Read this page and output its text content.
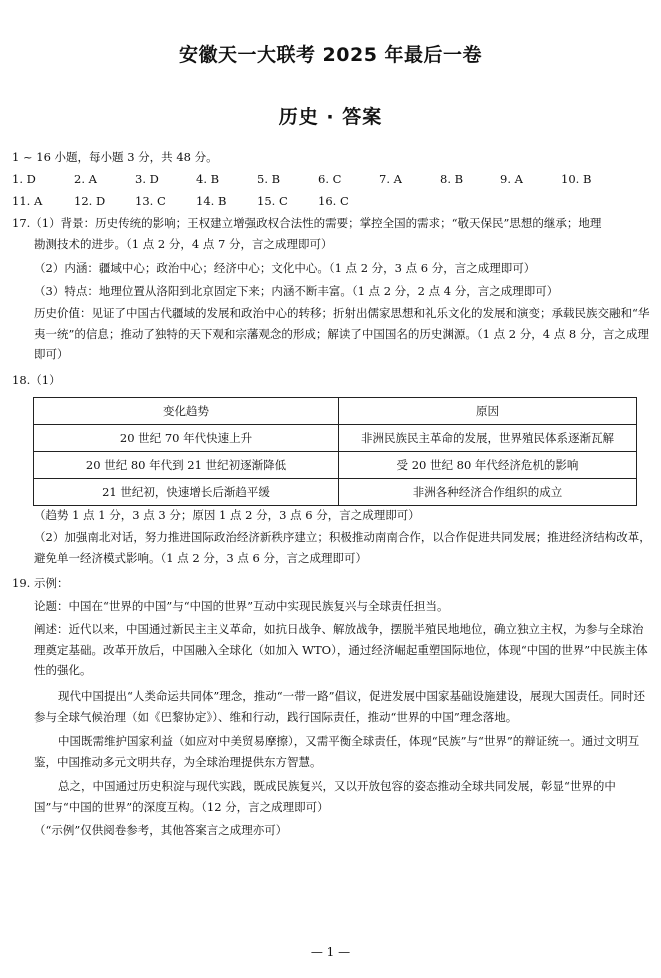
安徽天一大联考 2025 年最后一卷
历史 · 答案
1 ~ 16 小题，每小题 3 分，共 48 分。
1. D	2. A	3. D	4. B	5. B	6. C	7. A	8. B	9. A	10. B
11. A	12. D	13. C	14. B	15. C	16. C
17.（1）背景：历史传统的影响；王权建立增强政权合法性的需要；掌控全国的需求；“敬天保民”思想的继承；地理
勘测技术的进步。（1 点 2 分，4 点 7 分，言之成理即可）
（2）内涵：疆域中心；政治中心；经济中心；文化中心。（1 点 2 分，3 点 6 分，言之成理即可）
（3）特点：地理位置从洛阳到北京固定下来；内涵不断丰富。（1 点 2 分，2 点 4 分，言之成理即可）
历史价值：见证了中国古代疆域的发展和政治中心的转移；折射出儒家思想和礼乐文化的发展和演变；承载民族交融和“华夷一统”的信息；推动了独特的天下观和宗藩观念的形成；解读了中国国名的历史渊源。（1 点 2 分，4 点 8 分，言之成理即可）
18.（1）
变化趋势	原因
20 世纪 70 年代快速上升	非洲民族民主革命的发展，世界殖民体系逐渐瓦解
20 世纪 80 年代到 21 世纪初逐渐降低	受 20 世纪 80 年代经济危机的影响
21 世纪初，快速增长后渐趋平缓	非洲各种经济合作组织的成立
（趋势 1 点 1 分，3 点 3 分；原因 1 点 2 分，3 点 6 分，言之成理即可）
（2）加强南北对话，努力推进国际政治经济新秩序建立；积极推动南南合作，以合作促进共同发展；推进经济结构改革，避免单一经济模式影响。（1 点 2 分，3 点 6 分，言之成理即可）
19. 示例：
论题：中国在“世界的中国”与“中国的世界”互动中实现民族复兴与全球责任担当。
阐述：近代以来，中国通过新民主主义革命，如抗日战争、解放战争，摆脱半殖民地地位，确立独立主权，为参与全球治理奠定基础。改革开放后，中国融入全球化（如加入 WTO），通过经济崛起重塑国际地位，体现“中国的世界”中民族主体性的强化。
现代中国提出“人类命运共同体”理念，推动“一带一路”倡议，促进发展中国家基础设施建设，展现大国责任。同时还参与全球气候治理（如《巴黎协定》）、维和行动，践行国际责任，推动“世界的中国”理念落地。
中国既需维护国家利益（如应对中美贸易摩擦），又需平衡全球责任，体现“民族”与“世界”的辩证统一。通过文明互鉴，中国推动多元文明共存，为全球治理提供东方智慧。
总之，中国通过历史积淀与现代实践，既成民族复兴，又以开放包容的姿态推动全球共同发展，彰显“世界的中国”与“中国的世界”的深度互构。（12 分，言之成理即可）
（“示例”仅供阅卷参考，其他答案言之成理亦可）
— 1 —
